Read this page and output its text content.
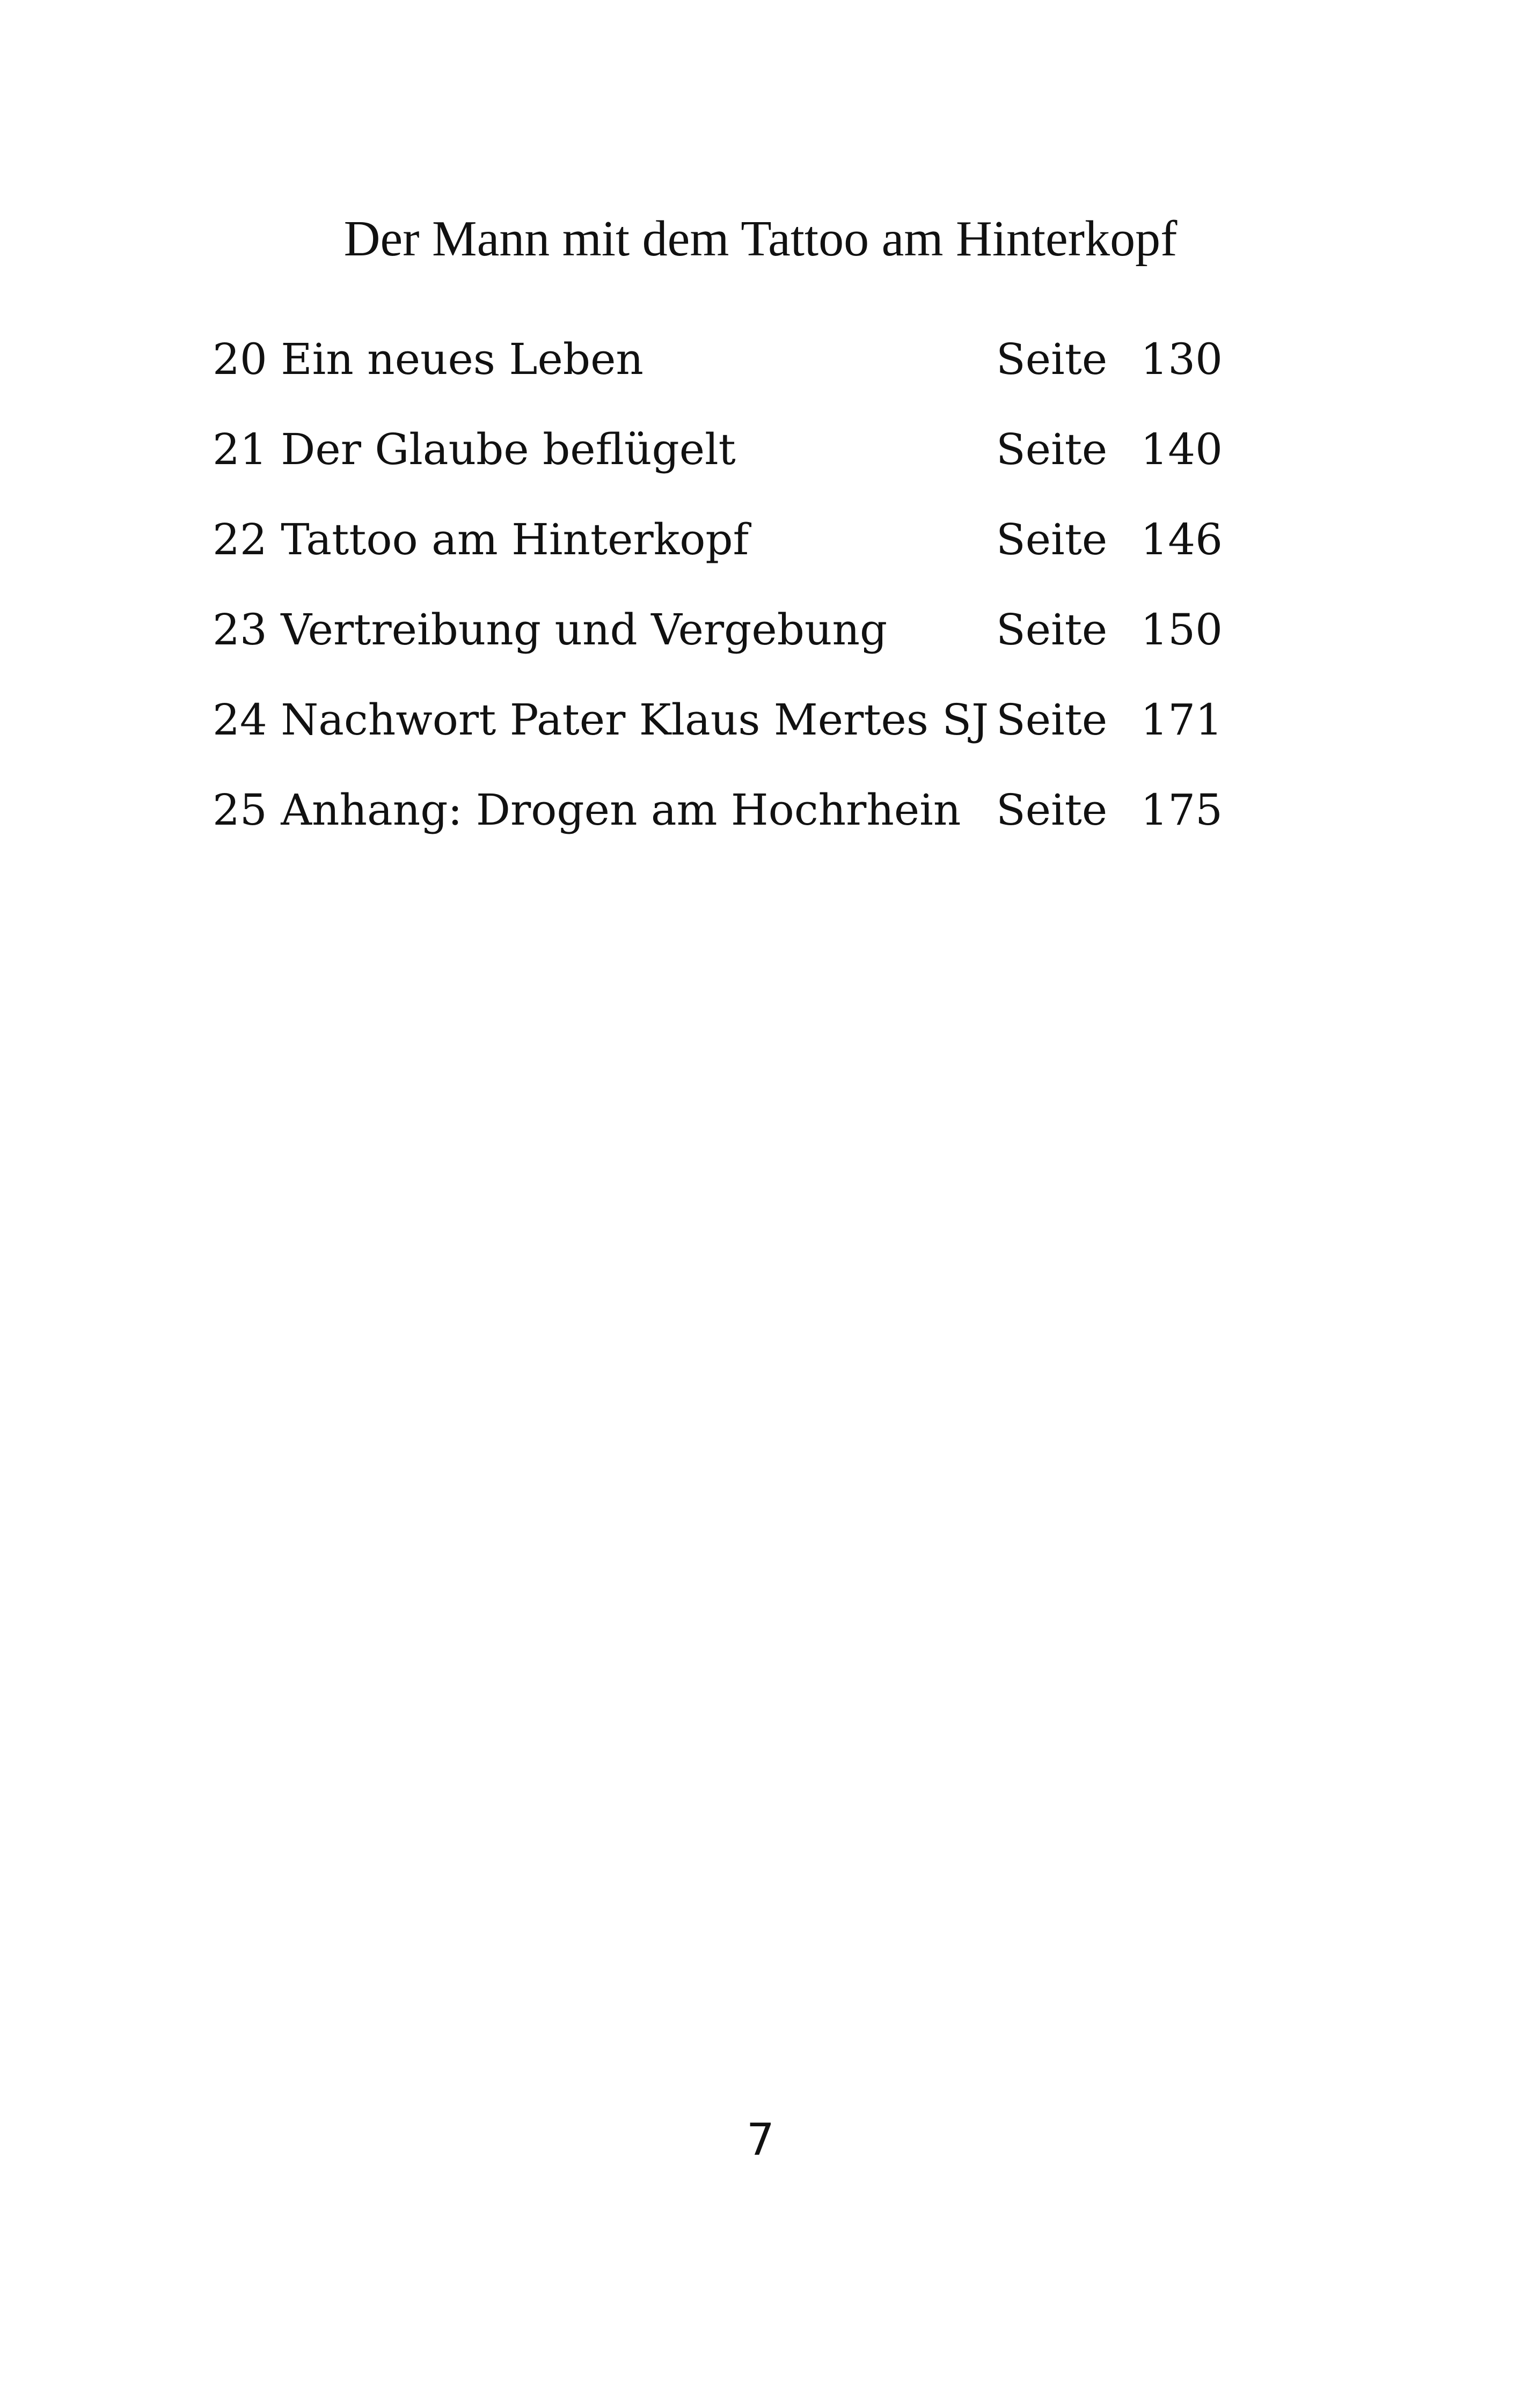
Der Mann mit dem Tattoo am Hinterkopf
20 Ein neues Leben	Seite 130
21 Der Glaube beflügelt	Seite 140
22 Tattoo am Hinterkopf	Seite 146
23 Vertreibung und Vergebung	Seite 150
24 Nachwort Pater Klaus Mertes SJ Seite 171
25 Anhang: Drogen am Hochrhein Seite 175
7
